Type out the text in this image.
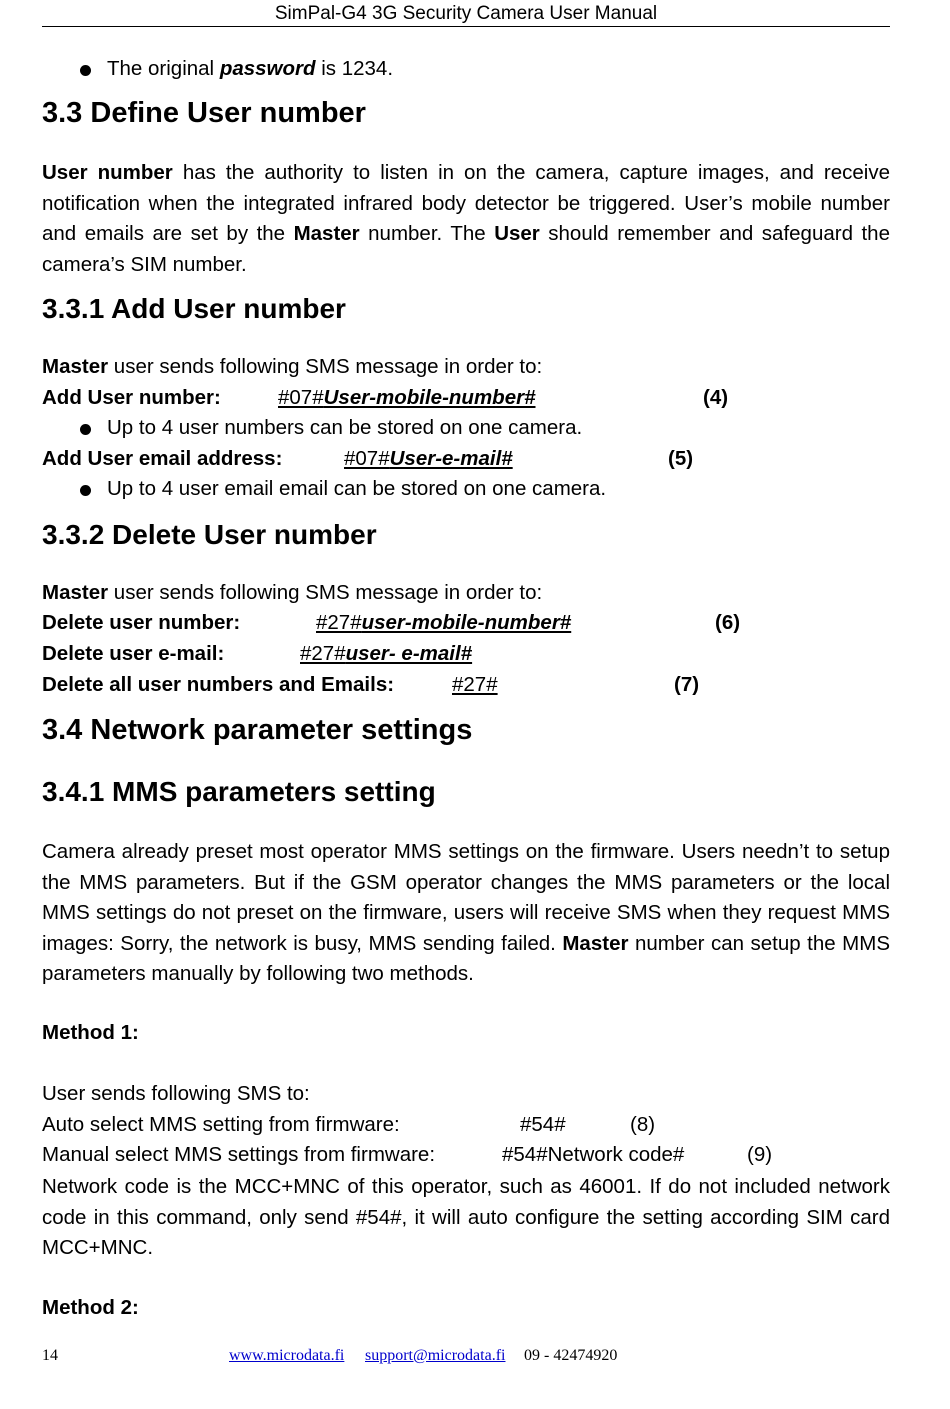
SimPal-G4 3G Security Camera User Manual
The original password is 1234.
3.3 Define User number
User number has the authority to listen in on the camera, capture images, and receive notification when the integrated infrared body detector be triggered. User’s mobile number and emails are set by the Master number. The User should remember and safeguard the camera’s SIM number.
3.3.1 Add User number
Master user sends following SMS message in order to:
Add User number:	#07#User-mobile-number#	(4)
Up to 4 user numbers can be stored on one camera.
Add User email address:	#07#User-e-mail#	(5)
Up to 4 user email email can be stored on one camera.
3.3.2 Delete User number
Master user sends following SMS message in order to:
Delete user number:	#27#user-mobile-number#	(6)
Delete user e-mail:	#27#user- e-mail#
Delete all user numbers and Emails:	#27#	(7)
3.4 Network parameter settings
3.4.1 MMS parameters setting
Camera already preset most operator MMS settings on the firmware. Users needn’t to setup the MMS parameters. But if the GSM operator changes the MMS parameters or the local MMS settings do not preset on the firmware, users will receive SMS when they request MMS images: Sorry, the network is busy, MMS sending failed. Master number can setup the MMS parameters manually by following two methods.
Method 1:
User sends following SMS to:
Auto select MMS setting from firmware:	#54#	(8)
Manual select MMS settings from firmware:	#54#Network code#	(9)
Network code is the MCC+MNC of this operator, such as 46001. If do not included network code in this command, only send #54#, it will auto configure the setting according SIM card MCC+MNC.
Method 2:
14	www.microdata.fi support@microdata.fi 09 - 42474920
